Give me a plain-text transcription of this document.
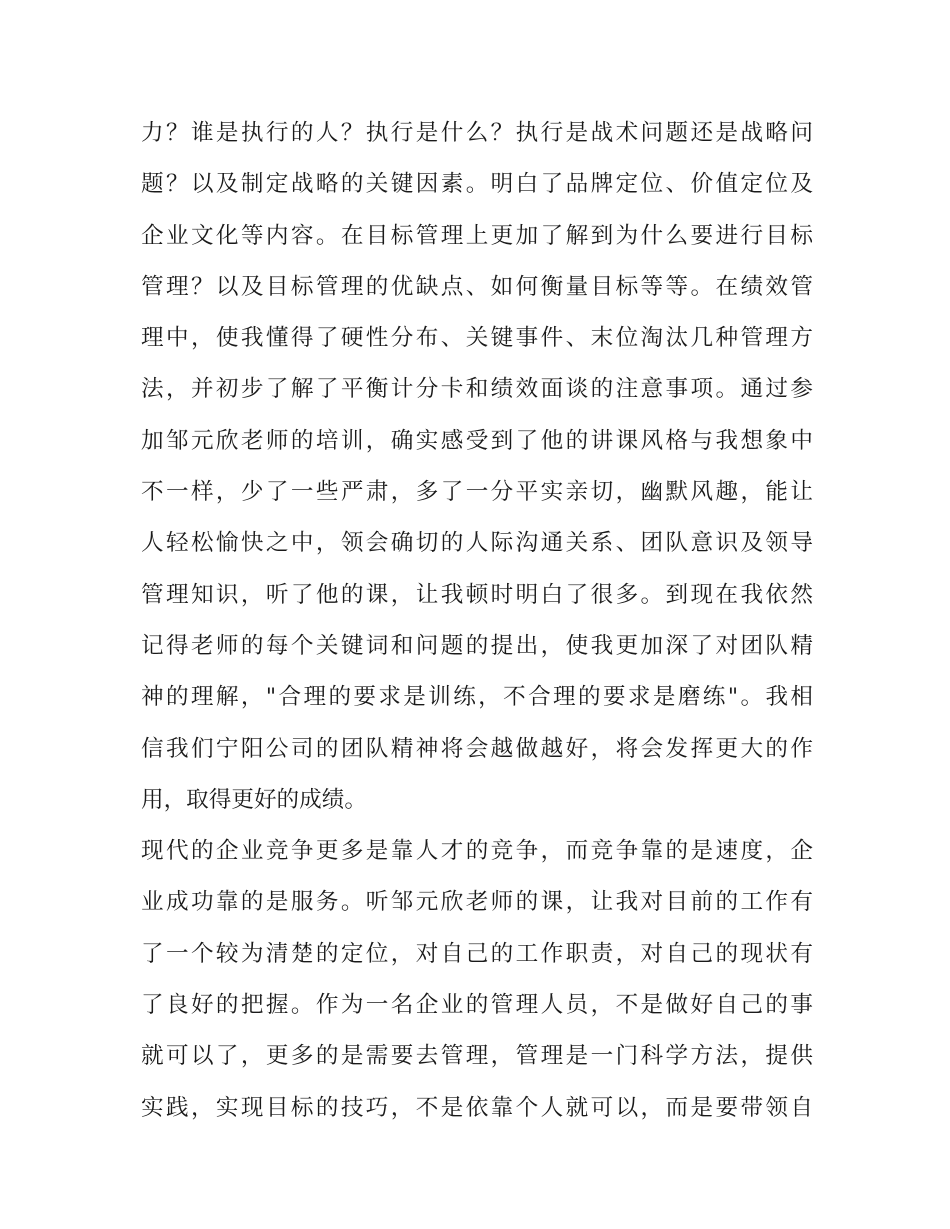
力？谁是执行的人？执行是什么？执行是战术问题还是战略问
题？以及制定战略的关键因素。明白了品牌定位、价值定位及
企业文化等内容。在目标管理上更加了解到为什么要进行目标
管理？以及目标管理的优缺点、如何衡量目标等等。在绩效管
理中，使我懂得了硬性分布、关键事件、末位淘汰几种管理方
法，并初步了解了平衡计分卡和绩效面谈的注意事项。通过参
加邹元欣老师的培训，确实感受到了他的讲课风格与我想象中
不一样，少了一些严肃，多了一分平实亲切，幽默风趣，能让
人轻松愉快之中，领会确切的人际沟通关系、团队意识及领导
管理知识，听了他的课，让我顿时明白了很多。到现在我依然
记得老师的每个关键词和问题的提出，使我更加深了对团队精
神的理解，"合理的要求是训练，不合理的要求是磨练"。我相
信我们宁阳公司的团队精神将会越做越好，将会发挥更大的作
用，取得更好的成绩。
现代的企业竞争更多是靠人才的竞争，而竞争靠的是速度，企
业成功靠的是服务。听邹元欣老师的课，让我对目前的工作有
了一个较为清楚的定位，对自己的工作职责，对自己的现状有
了良好的把握。作为一名企业的管理人员，不是做好自己的事
就可以了，更多的是需要去管理，管理是一门科学方法，提供
实践，实现目标的技巧，不是依靠个人就可以，而是要带领自
